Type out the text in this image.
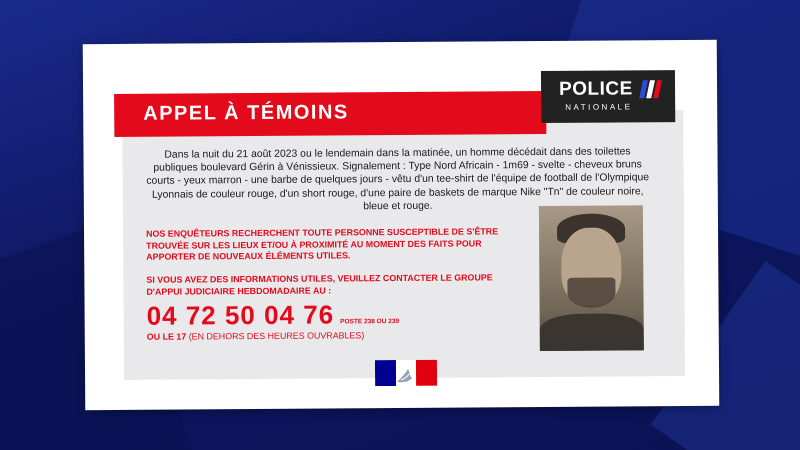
APPEL À TÉMOINS
POLICE
NATIONALE

Dans la nuit du 21 août 2023 ou le lendemain dans la matinée, un homme décédait dans des toilettes publiques boulevard Gérin à Vénissieux. Signalement : Type Nord Africain - 1m69 - svelte - cheveux bruns courts - yeux marron - une barbe de quelques jours - vêtu d'un tee-shirt de l'équipe de football de l'Olympique Lyonnais de couleur rouge, d'un short rouge, d'une paire de baskets de marque Nike "Tn" de couleur noire, bleue et rouge.

NOS ENQUÊTEURS RECHERCHENT TOUTE PERSONNE SUSCEPTIBLE DE S'ÊTRE TROUVÉE SUR LES LIEUX ET/OU À PROXIMITÉ AU MOMENT DES FAITS POUR APPORTER DE NOUVEAUX ÉLÉMENTS UTILES.

SI VOUS AVEZ DES INFORMATIONS UTILES, VEUILLEZ CONTACTER LE GROUPE D'APPUI JUDICIAIRE HEBDOMADAIRE AU :

04 72 50 04 76 POSTE 238 OU 239
OU LE 17 (EN DEHORS DES HEURES OUVRABLES)
